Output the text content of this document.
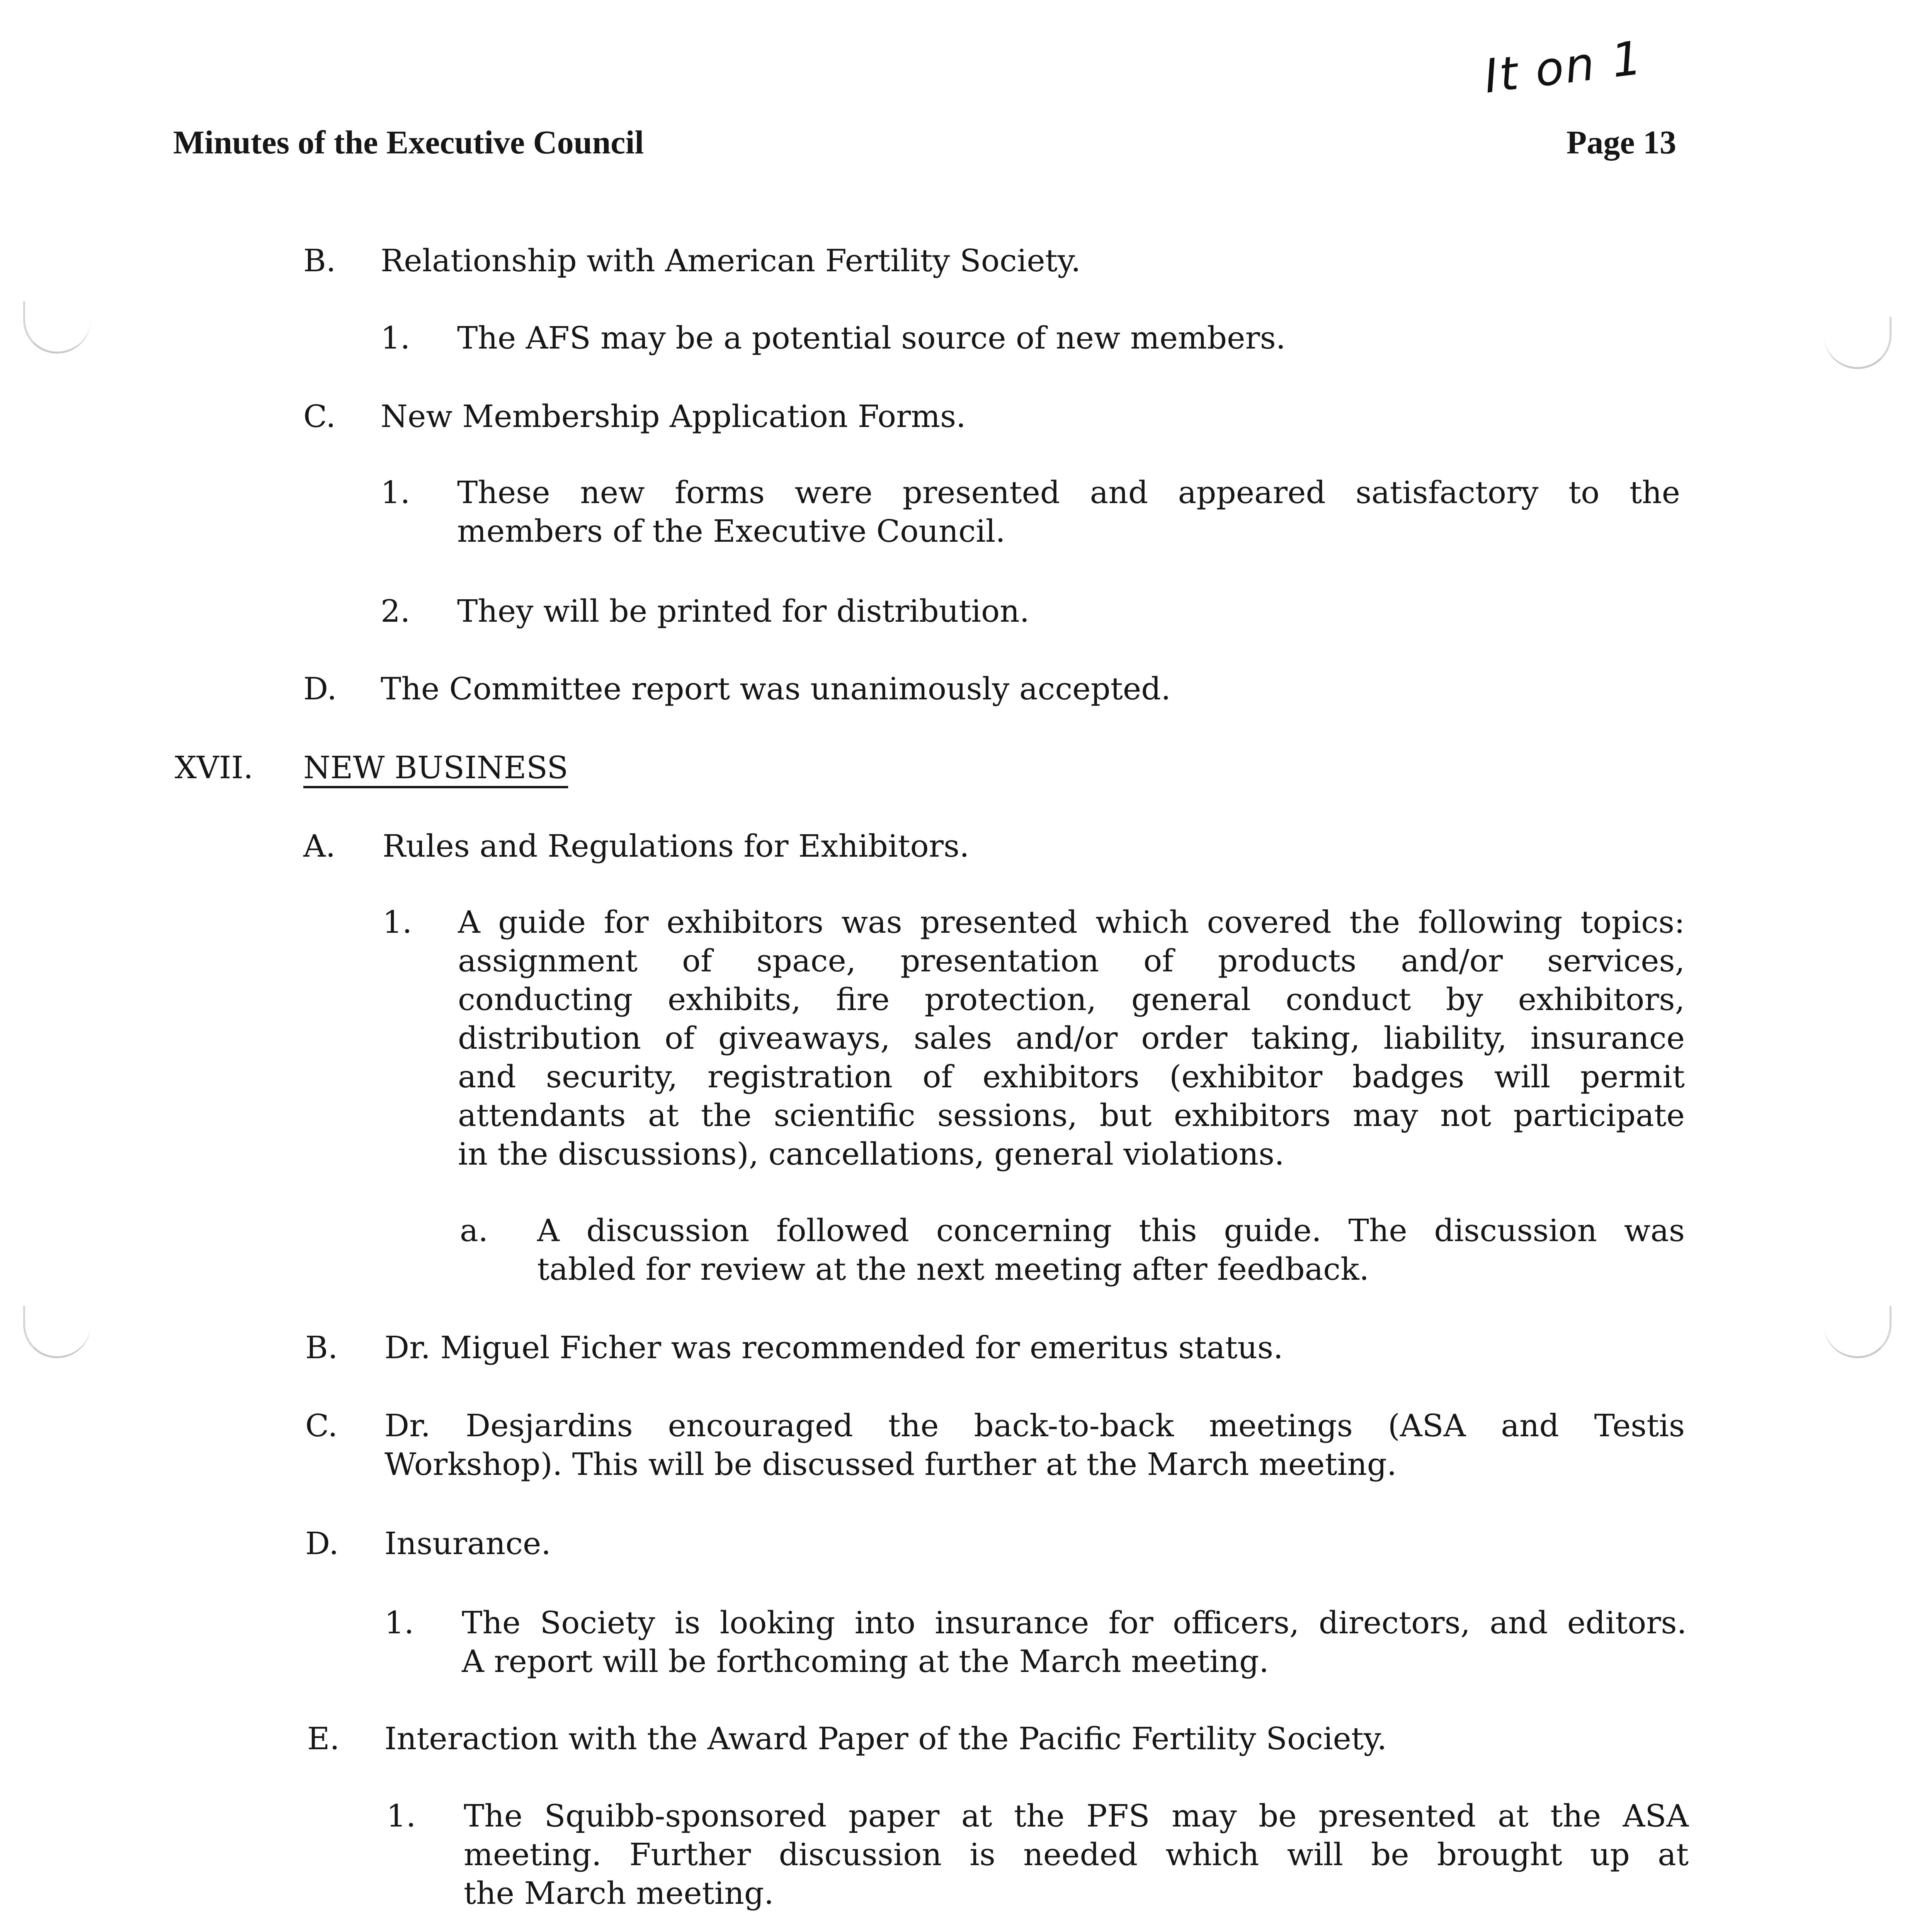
It on 1
Minutes of the Executive Council	Page 13
B. Relationship with American Fertility Society.
1. The AFS may be a potential source of new members.
C. New Membership Application Forms.
1. These new forms were presented and appeared satisfactory to the
members of the Executive Council.
2. They will be printed for distribution.
D. The Committee report was unanimously accepted.
XVII. NEW BUSINESS
A. Rules and Regulations for Exhibitors.
1. A guide for exhibitors was presented which covered the following topics:
assignment of space, presentation of products and/or services,
conducting exhibits, fire protection, general conduct by exhibitors,
distribution of giveaways, sales and/or order taking, liability, insurance
and security, registration of exhibitors (exhibitor badges will permit
attendants at the scientific sessions, but exhibitors may not participate
in the discussions), cancellations, general violations.
a. A discussion followed concerning this guide. The discussion was
tabled for review at the next meeting after feedback.
B. Dr. Miguel Ficher was recommended for emeritus status.
C. Dr. Desjardins encouraged the back-to-back meetings (ASA and Testis
Workshop). This will be discussed further at the March meeting.
D. Insurance.
1. The Society is looking into insurance for officers, directors, and editors.
A report will be forthcoming at the March meeting.
E. Interaction with the Award Paper of the Pacific Fertility Society.
1. The Squibb-sponsored paper at the PFS may be presented at the ASA
meeting. Further discussion is needed which will be brought up at
the March meeting.
